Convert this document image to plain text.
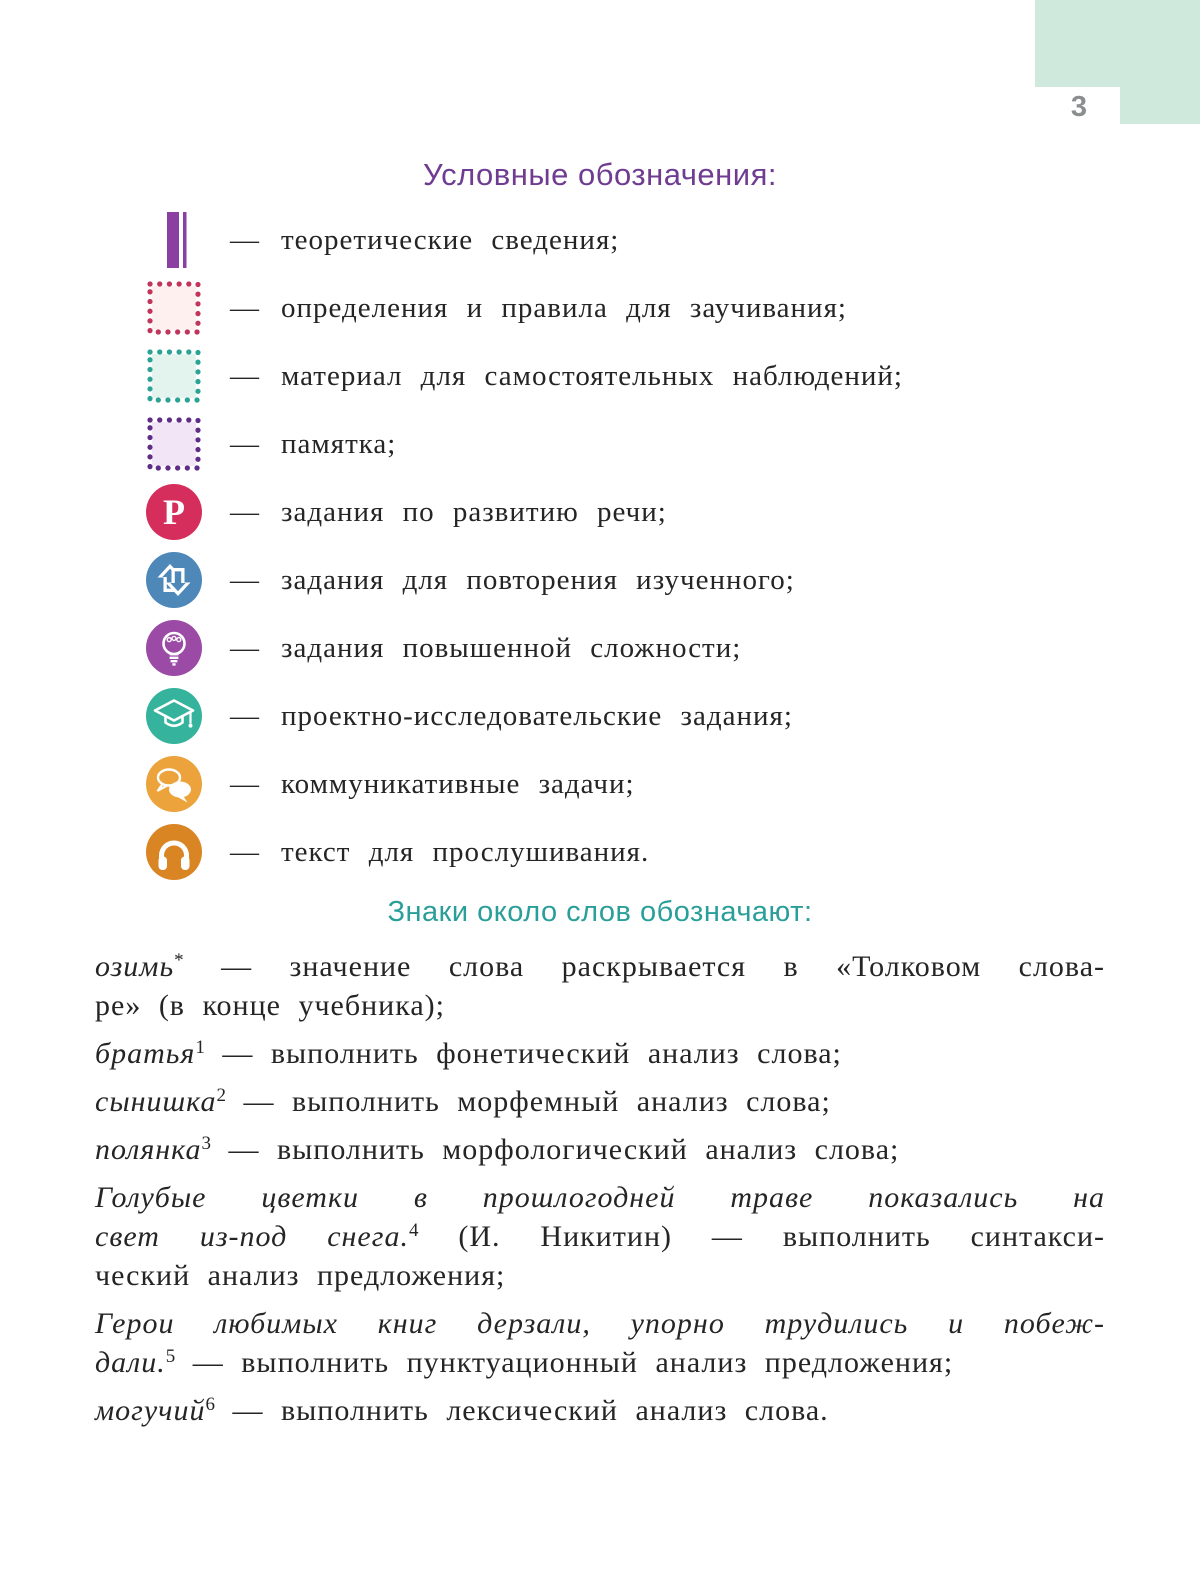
3
Условные обозначения:
— теоретические сведения;
— определения и правила для заучивания;
— материал для самостоятельных наблюдений;
— памятка;
Р — задания по развитию речи;
— задания для повторения изученного;
— задания повышенной сложности;
— проектно-исследовательские задания;
— коммуникативные задачи;
— текст для прослушивания.
Знаки около слов обозначают:
озимь* — значение слова раскрывается в «Толковом слова-
ре» (в конце учебника);
братья$^1$ — выполнить фонетический анализ слова;
сынишка$^2$ — выполнить морфемный анализ слова;
полянка$^3$ — выполнить морфологический анализ слова;
Голубые цветки в прошлогодней траве показались на
свет из-под снега.$^4$ (И. Никитин) — выполнить синтакси-
ческий анализ предложения;
Герои любимых книг дерзали, упорно трудились и побеж-
дали.$^5$ — выполнить пунктуационный анализ предложения;
могучий$^6$ — выполнить лексический анализ слова.
